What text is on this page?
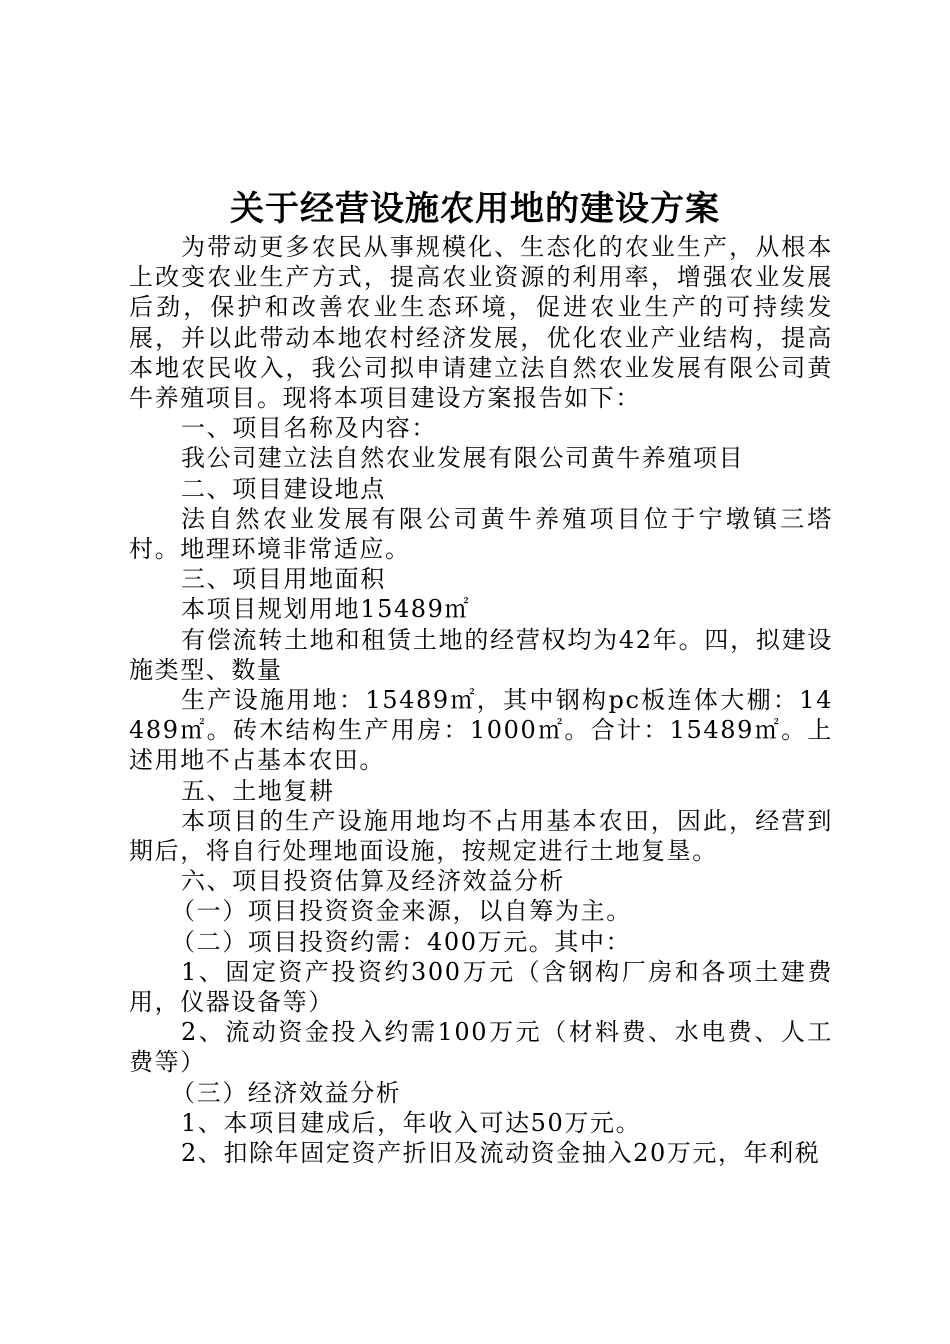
关于经营设施农用地的建设方案

为带动更多农民从事规模化、生态化的农业生产，从根本上改变农业生产方式，提高农业资源的利用率，增强农业发展后劲，保护和改善农业生态环境，促进农业生产的可持续发展，并以此带动本地农村经济发展，优化农业产业结构，提高本地农民收入，我公司拟申请建立法自然农业发展有限公司黄牛养殖项目。现将本项目建设方案报告如下：

一、项目名称及内容：

我公司建立法自然农业发展有限公司黄牛养殖项目

二、项目建设地点

法自然农业发展有限公司黄牛养殖项目位于宁墩镇三塔村。地理环境非常适应。

三、项目用地面积

本项目规划用地15489㎡

有偿流转土地和租赁土地的经营权均为42年。四，拟建设施类型、数量

生产设施用地：15489㎡，其中钢构pc板连体大棚：14489㎡。砖木结构生产用房：1000㎡。合计：15489㎡。上述用地不占基本农田。

五、土地复耕

本项目的生产设施用地均不占用基本农田，因此，经营到期后，将自行处理地面设施，按规定进行土地复垦。

六、项目投资估算及经济效益分析

（一）项目投资资金来源，以自筹为主。

（二）项目投资约需：400万元。其中：

1、固定资产投资约300万元（含钢构厂房和各项土建费用，仪器设备等）

2、流动资金投入约需100万元（材料费、水电费、人工费等）

（三）经济效益分析

1、本项目建成后，年收入可达50万元。

2、扣除年固定资产折旧及流动资金抽入20万元，年利税
